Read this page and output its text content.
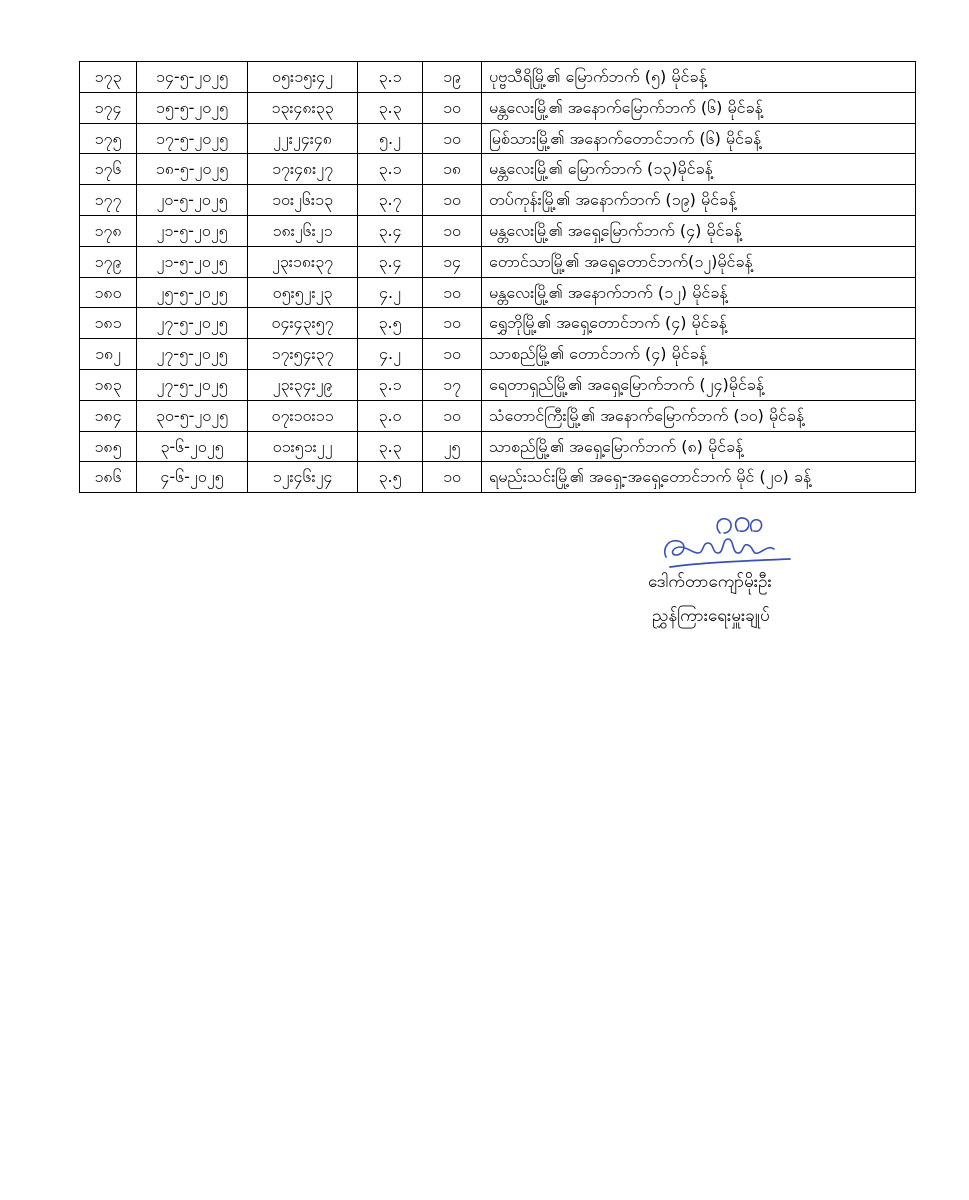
၁၇၃	၁၄-၅-၂၀၂၅	၀၅း၁၅း၄၂	၃.၁	၁၉	ပုဗ္ဗသီရိမြို့၏ မြောက်ဘက် (၅) မိုင်ခန့်
၁၇၄	၁၅-၅-၂၀၂၅	၁၃း၄၈း၃၃	၃.၃	၁၀	မန္တလေးမြို့၏ အနောက်မြောက်ဘက် (၆) မိုင်ခန့်
၁၇၅	၁၇-၅-၂၀၂၅	၂၂း၂၄း၄၈	၅.၂	၁၀	မြစ်သားမြို့၏ အနောက်တောင်ဘက် (၆) မိုင်ခန့်
၁၇၆	၁၈-၅-၂၀၂၅	၁၇း၄၈း၂၇	၃.၁	၁၈	မန္တလေးမြို့၏ မြောက်ဘက် (၁၃)မိုင်ခန့်
၁၇၇	၂၀-၅-၂၀၂၅	၁၀း၂၆း၁၃	၃.၇	၁၀	တပ်ကုန်းမြို့၏ အနောက်ဘက် (၁၉) မိုင်ခန့်
၁၇၈	၂၁-၅-၂၀၂၅	၁၈း၂၆း၂၁	၃.၄	၁၀	မန္တလေးမြို့၏ အရှေ့မြောက်ဘက် (၄) မိုင်ခန့်
၁၇၉	၂၁-၅-၂၀၂၅	၂၃း၁၈း၃၇	၃.၄	၁၄	တောင်သာမြို့၏ အရှေ့တောင်ဘက်(၁၂)မိုင်ခန့်
၁၈၀	၂၅-၅-၂၀၂၅	၀၅း၅၂း၂၃	၄.၂	၁၀	မန္တလေးမြို့၏ အနောက်ဘက် (၁၂) မိုင်ခန့်
၁၈၁	၂၇-၅-၂၀၂၅	၀၄း၄၃း၅၇	၃.၅	၁၀	ရွှေဘိုမြို့၏ အရှေ့တောင်ဘက် (၄) မိုင်ခန့်
၁၈၂	၂၇-၅-၂၀၂၅	၁၇း၅၄း၃၇	၄.၂	၁၀	သာစည်မြို့၏ တောင်ဘက် (၄) မိုင်ခန့်
၁၈၃	၂၇-၅-၂၀၂၅	၂၃း၃၄း၂၉	၃.၁	၁၇	ရေတာရှည်မြို့၏ အရှေ့မြောက်ဘက် (၂၄)မိုင်ခန့်
၁၈၄	၃၀-၅-၂၀၂၅	၀၇း၁၀း၁၁	၃.၀	၁၀	သံတောင်ကြီးမြို့၏ အနောက်မြောက်ဘက် (၁၀) မိုင်ခန့်
၁၈၅	၃-၆-၂၀၂၅	၀၁း၅၁း၂၂	၃.၃	၂၅	သာစည်မြို့၏ အရှေ့မြောက်ဘက် (၈) မိုင်ခန့်
၁၈၆	၄-၆-၂၀၂၅	၁၂း၄၆း၂၄	၃.၅	၁၀	ရမည်းသင်းမြို့၏ အရှေ့-အရှေ့တောင်ဘက် မိုင် (၂၀) ခန့်
ဒေါက်တာကျော်မိုးဦး
ညွှန်ကြားရေးမှူးချုပ်
